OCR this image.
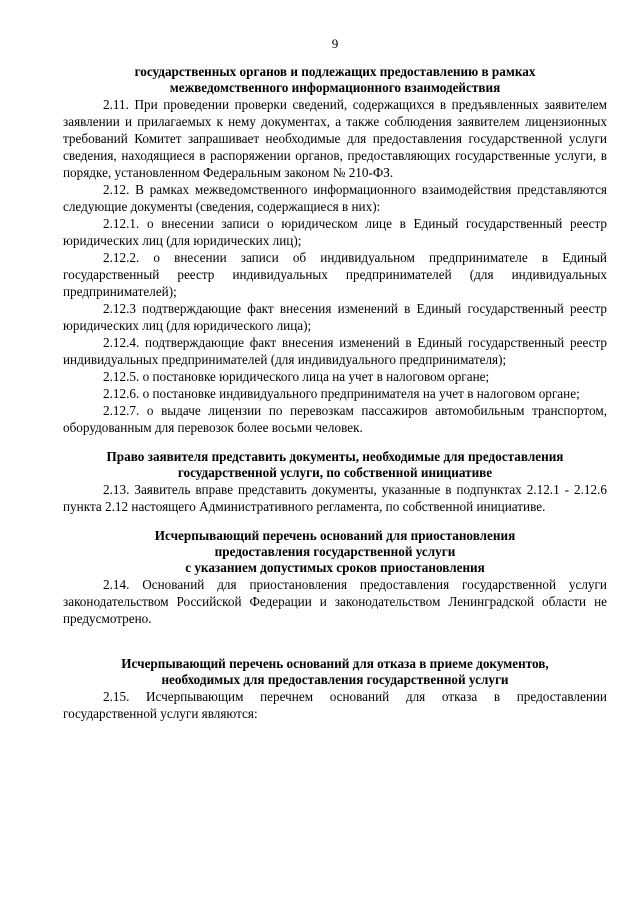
9

государственных органов и подлежащих предоставлению в рамках

межведомственного информационного взаимодействия

2.11. При проведении проверки сведений, содержащихся в предъявленных заявителем заявлении и прилагаемых к нему документах, а также соблюдения заявителем лицензионных требований Комитет запрашивает необходимые для предоставления государственной услуги сведения, находящиеся в распоряжении органов, предоставляющих государственные услуги, в порядке, установленном Федеральным законом № 210-ФЗ.

2.12. В рамках межведомственного информационного взаимодействия представляются следующие документы (сведения, содержащиеся в них):

2.12.1. о внесении записи о юридическом лице в Единый государственный реестр юридических лиц (для юридических лиц);

2.12.2. о внесении записи об индивидуальном предпринимателе в Единый государственный реестр индивидуальных предпринимателей (для индивидуальных предпринимателей);

2.12.3 подтверждающие факт внесения изменений в Единый государственный реестр юридических лиц (для юридического лица);

2.12.4. подтверждающие факт внесения изменений в Единый государственный реестр индивидуальных предпринимателей (для индивидуального предпринимателя);

2.12.5. о постановке юридического лица на учет в налоговом органе;

2.12.6. о постановке индивидуального предпринимателя на учет в налоговом органе;

2.12.7. о выдаче лицензии по перевозкам пассажиров автомобильным транспортом, оборудованным для перевозок более восьми человек.

Право заявителя представить документы, необходимые для предоставления

государственной услуги, по собственной инициативе

2.13. Заявитель вправе представить документы, указанные в подпунктах 2.12.1 - 2.12.6 пункта 2.12 настоящего Административного регламента, по собственной инициативе.

Исчерпывающий перечень оснований для приостановления

предоставления государственной услуги

с указанием допустимых сроков приостановления

2.14. Оснований для приостановления предоставления государственной услуги законодательством Российской Федерации и законодательством Ленинградской области не предусмотрено.

Исчерпывающий перечень оснований для отказа в приеме документов,

необходимых для предоставления государственной услуги

2.15. Исчерпывающим перечнем оснований для отказа в предоставлении государственной услуги являются:
